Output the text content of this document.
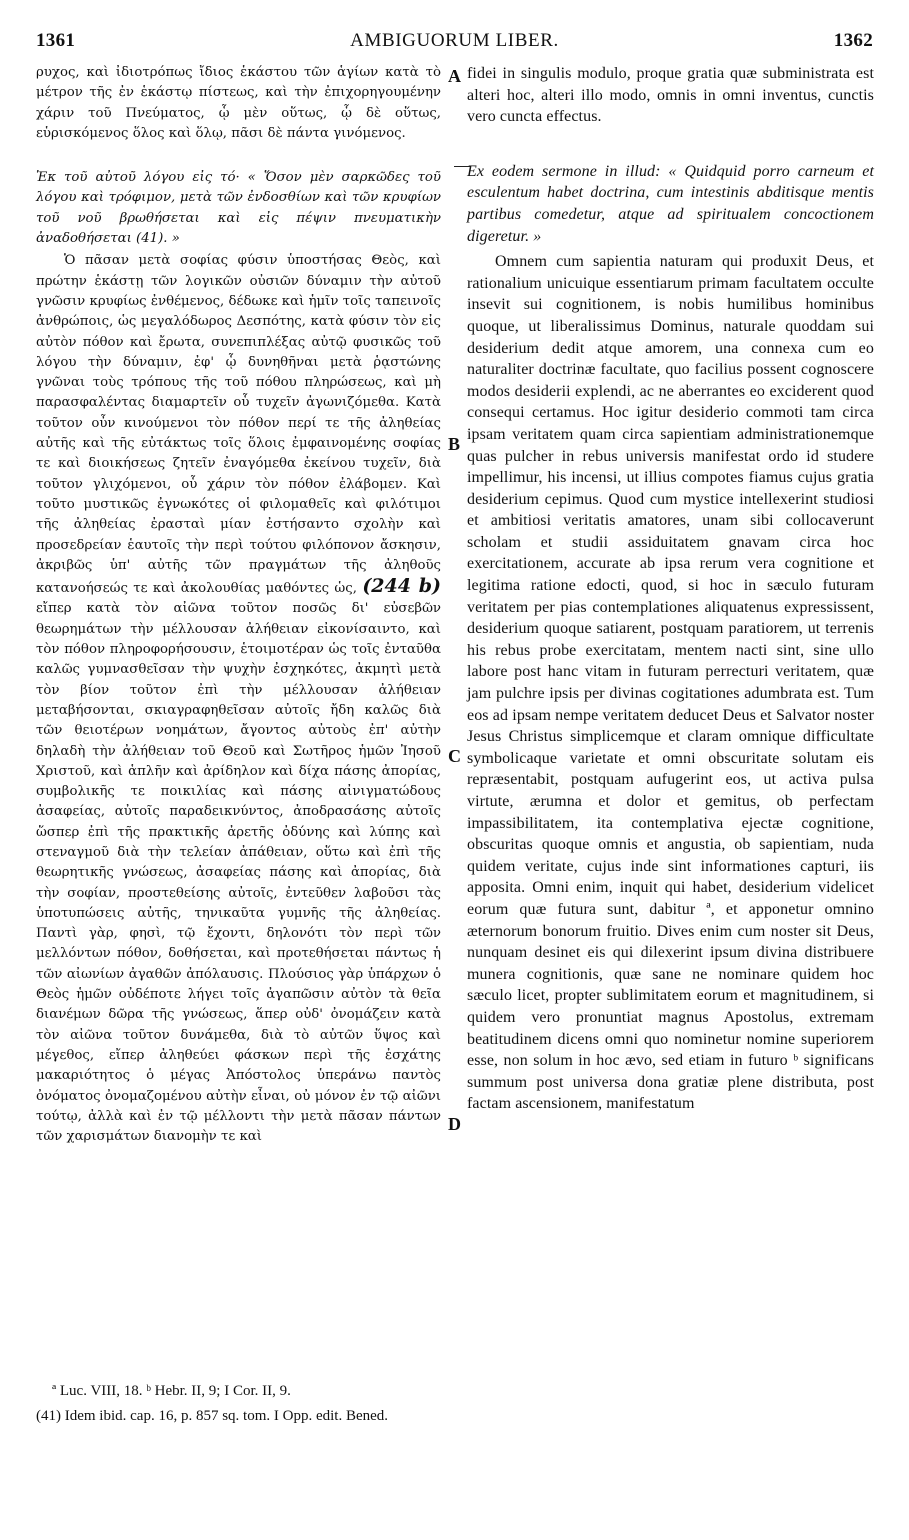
1361	AMBIGUORUM LIBER.	1362

ρυχος, καὶ ἰδιοτρόπως ἴδιος ἑκάστου τῶν ἁγίων κατὰ τὸ μέτρον τῆς ἐν ἑκάστῳ πίστεως, καὶ τὴν ἐπιχορηγουμένην χάριν τοῦ Πνεύματος, ᾧ μὲν οὕτως, ᾧ δὲ οὕτως, εὑρισκόμενος ὅλος καὶ ὅλῳ, πᾶσι δὲ πάντα γινόμενος.

Ἐκ τοῦ αὐτοῦ λόγου εἰς τό· « Ὅσον μὲν σαρκῶδες τοῦ λόγου καὶ τρόφιμον, μετὰ τῶν ἐνδοσθίων καὶ τῶν κρυφίων τοῦ νοῦ βρωθήσεται καὶ εἰς πέψιν πνευματικὴν ἀναδοθήσεται (41). »

Ὁ πᾶσαν μετὰ σοφίας φύσιν ὑποστήσας Θεὸς, καὶ πρώτην ἑκάστῃ τῶν λογικῶν οὐσιῶν δύναμιν τὴν αὐτοῦ γνῶσιν κρυφίως ἐνθέμενος, δέδωκε καὶ ἡμῖν τοῖς ταπεινοῖς ἀνθρώποις, ὡς μεγαλόδωρος Δεσπότης, κατὰ φύσιν τὸν εἰς αὐτὸν πόθον καὶ ἔρωτα, συνεπιπλέξας αὐτῷ φυσικῶς τοῦ λόγου τὴν δύναμιν, ἐφ' ᾧ δυνηθῆναι μετὰ ῥᾳστώνης γνῶναι τοὺς τρόπους τῆς τοῦ πόθου πληρώσεως, καὶ μὴ παρασφαλέντας διαμαρτεῖν οὗ τυχεῖν ἀγωνιζόμεθα. Κατὰ τοῦτον οὖν κινούμενοι τὸν πόθον περί τε τῆς ἀληθείας αὐτῆς καὶ τῆς εὐτάκτως τοῖς ὅλοις ἐμφαινομένης σοφίας τε καὶ διοικήσεως ζητεῖν ἐναγόμεθα ἐκείνου τυχεῖν, διὰ τοῦτον γλιχόμενοι, οὗ χάριν τὸν πόθον ἐλάβομεν. Καὶ τοῦτο μυστικῶς ἐγνωκότες οἱ φιλομαθεῖς καὶ φιλότιμοι τῆς ἀληθείας ἐρασταὶ μίαν ἐστήσαντο σχολὴν καὶ προσεδρείαν ἑαυτοῖς τὴν περὶ τούτου φιλόπονον ἄσκησιν, ἀκριβῶς ὑπ' αὐτῆς τῶν πραγμάτων τῆς ἀληθοῦς κατανοήσεώς τε καὶ ἀκολουθίας μαθόντες ὡς, (244 b) εἴπερ κατὰ τὸν αἰῶνα τοῦτον ποσῶς δι' εὐσεβῶν θεωρημάτων τὴν μέλλουσαν ἀλήθειαν εἰκονίσαιντο, καὶ τὸν πόθον πληροφορήσουσιν, ἑτοιμοτέραν ὡς τοῖς ἐνταῦθα καλῶς γυμνασθεῖσαν τὴν ψυχὴν ἐσχηκότες, ἀκμητὶ μετὰ τὸν βίον τοῦτον ἐπὶ τὴν μέλλουσαν ἀλήθειαν μεταβήσονται, σκιαγραφηθεῖσαν αὐτοῖς ἤδη καλῶς διὰ τῶν θειοτέρων νοημάτων, ἄγοντος αὐτοὺς ἐπ' αὐτὴν δηλαδὴ τὴν ἀλήθειαν τοῦ Θεοῦ καὶ Σωτῆρος ἡμῶν Ἰησοῦ Χριστοῦ, καὶ ἁπλῆν καὶ ἀρίδηλον καὶ δίχα πάσης ἀπορίας, συμβολικῆς τε ποικιλίας καὶ πάσης αἰνιγματώδους ἀσαφείας, αὐτοῖς παραδεικνύντος, ἀποδρασάσης αὐτοῖς ὥσπερ ἐπὶ τῆς πρακτικῆς ἀρετῆς ὀδύνης καὶ λύπης καὶ στεναγμοῦ διὰ τὴν τελείαν ἀπάθειαν, οὕτω καὶ ἐπὶ τῆς θεωρητικῆς γνώσεως, ἀσαφείας πάσης καὶ ἀπορίας, διὰ τὴν σοφίαν, προστεθείσης αὐτοῖς, ἐντεῦθεν λαβοῦσι τὰς ὑποτυπώσεις αὐτῆς, τηνικαῦτα γυμνῆς τῆς ἀληθείας. Παντὶ γὰρ, φησὶ, τῷ ἔχοντι, δηλονότι τὸν περὶ τῶν μελλόντων πόθον, δοθήσεται, καὶ προτεθήσεται πάντως ἡ τῶν αἰωνίων ἀγαθῶν ἀπόλαυσις. Πλούσιος γὰρ ὑπάρχων ὁ Θεὸς ἡμῶν οὐδέποτε λήγει τοῖς ἀγαπῶσιν αὐτὸν τὰ θεῖα διανέμων δῶρα τῆς γνώσεως, ἅπερ οὐδ' ὀνομάζειν κατὰ τὸν αἰῶνα τοῦτον δυνάμεθα, διὰ τὸ αὐτῶν ὕψος καὶ μέγεθος, εἴπερ ἀληθεύει φάσκων περὶ τῆς ἐσχάτης μακαριότητος ὁ μέγας Ἀπόστολος ὑπεράνω παντὸς ὀνόματος ὀνομαζομένου αὐτὴν εἶναι, οὐ μόνον ἐν τῷ αἰῶνι τούτῳ, ἀλλὰ καὶ ἐν τῷ μέλλοντι τὴν μετὰ πᾶσαν πάντων τῶν χαρισμάτων διανομὴν τε καὶ

A
B
C
D

fidei in singulis modulo, proque gratia quæ subministrata est alteri hoc, alteri illo modo, omnis in omni inventus, cunctis vero cuncta effectus.

Ex eodem sermone in illud: « Quidquid porro carneum et esculentum habet doctrina, cum intestinis abditisque mentis partibus comedetur, atque ad spiritualem concoctionem digeretur. »

Omnem cum sapientia naturam qui produxit Deus, et rationalium unicuique essentiarum primam facultatem occulte insevit sui cognitionem, is nobis humilibus hominibus quoque, ut liberalissimus Dominus, naturale quoddam sui desiderium dedit atque amorem, una connexa cum eo naturaliter doctrinæ facultate, quo facilius possent cognoscere modos desiderii explendi, ac ne aberrantes eo exciderent quod consequi certamus. Hoc igitur desiderio commoti tam circa ipsam veritatem quam circa sapientiam administrationemque quas pulcher in rebus universis manifestat ordo id studere impellimur, his incensi, ut illius compotes fiamus cujus gratia desiderium cepimus. Quod cum mystice intellexerint studiosi et ambitiosi veritatis amatores, unam sibi collocaverunt scholam et studii assiduitatem gnavam circa hoc exercitationem, accurate ab ipsa rerum vera cognitione et legitima ratione edocti, quod, si hoc in sæculo futuram veritatem per pias contemplationes aliquatenus expressissent, desiderium quoque satiarent, postquam paratiorem, ut terrenis his rebus probe exercitatam, mentem nacti sint, sine ullo labore post hanc vitam in futuram perrecturi veritatem, quæ jam pulchre ipsis per divinas cogitationes adumbrata est. Tum eos ad ipsam nempe veritatem deducet Deus et Salvator noster Jesus Christus simplicemque et claram omnique difficultate symbolicaque varietate et omni obscuritate solutam eis repræsentabit, postquam aufugerint eos, ut activa pulsa virtute, ærumna et dolor et gemitus, ob perfectam impassibilitatem, ita contemplativa ejectæ cognitione, obscuritas quoque omnis et angustia, ob sapientiam, nuda quidem veritate, cujus inde sint informationes capturi, iis apposita. Omni enim, inquit qui habet, desiderium videlicet eorum quæ futura sunt, dabitur ª, et apponetur omnino æternorum bonorum fruitio. Dives enim cum noster sit Deus, nunquam desinet eis qui dilexerint ipsum divina distribuere munera cognitionis, quæ sane ne nominare quidem hoc sæculo licet, propter sublimitatem eorum et magnitudinem, si quidem vero pronuntiat magnus Apostolus, extremam beatitudinem dicens omni quo nominetur nomine superiorem esse, non solum in hoc ævo, sed etiam in futuro ᵇ significans summum post universa dona gratiæ plene distributa, post factam ascensionem, manifestatum

ª Luc. VIII, 18. ᵇ Hebr. II, 9; I Cor. II, 9.
(41) Idem ibid. cap. 16, p. 857 sq. tom. I Opp. edit. Bened.
